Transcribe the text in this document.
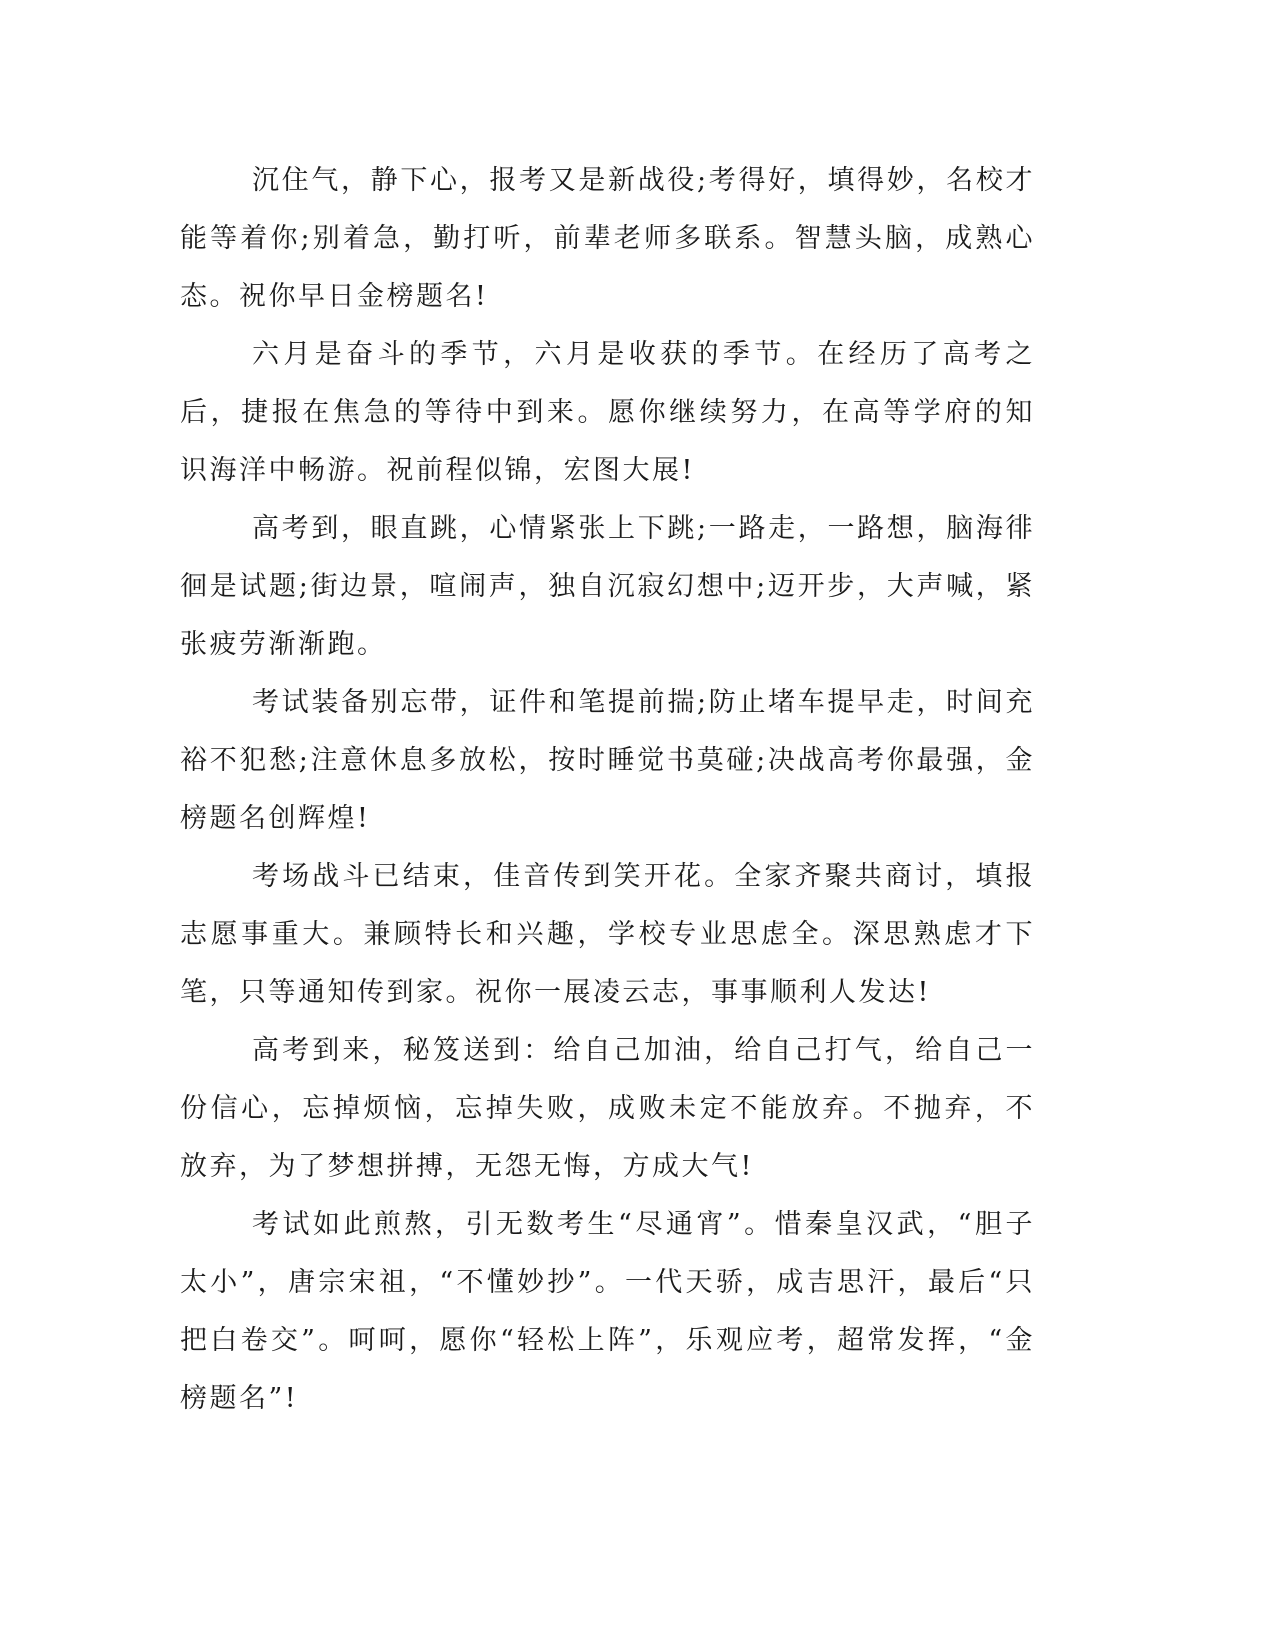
沉住气，静下心，报考又是新战役;考得好，填得妙，名校才能等着你;别着急，勤打听，前辈老师多联系。智慧头脑，成熟心态。祝你早日金榜题名!

六月是奋斗的季节，六月是收获的季节。在经历了高考之后，捷报在焦急的等待中到来。愿你继续努力，在高等学府的知识海洋中畅游。祝前程似锦，宏图大展!

高考到，眼直跳，心情紧张上下跳;一路走，一路想，脑海徘徊是试题;街边景，喧闹声，独自沉寂幻想中;迈开步，大声喊，紧张疲劳渐渐跑。

考试装备别忘带，证件和笔提前揣;防止堵车提早走，时间充裕不犯愁;注意休息多放松，按时睡觉书莫碰;决战高考你最强，金榜题名创辉煌!

考场战斗已结束，佳音传到笑开花。全家齐聚共商讨，填报志愿事重大。兼顾特长和兴趣，学校专业思虑全。深思熟虑才下笔，只等通知传到家。祝你一展凌云志，事事顺利人发达!

高考到来，秘笈送到：给自己加油，给自己打气，给自己一份信心，忘掉烦恼，忘掉失败，成败未定不能放弃。不抛弃，不放弃，为了梦想拼搏，无怨无悔，方成大气!

考试如此煎熬，引无数考生“尽通宵”。惜秦皇汉武，“胆子太小”，唐宗宋祖，“不懂妙抄”。一代天骄，成吉思汗，最后“只把白卷交”。呵呵，愿你“轻松上阵”，乐观应考，超常发挥，“金榜题名”!
